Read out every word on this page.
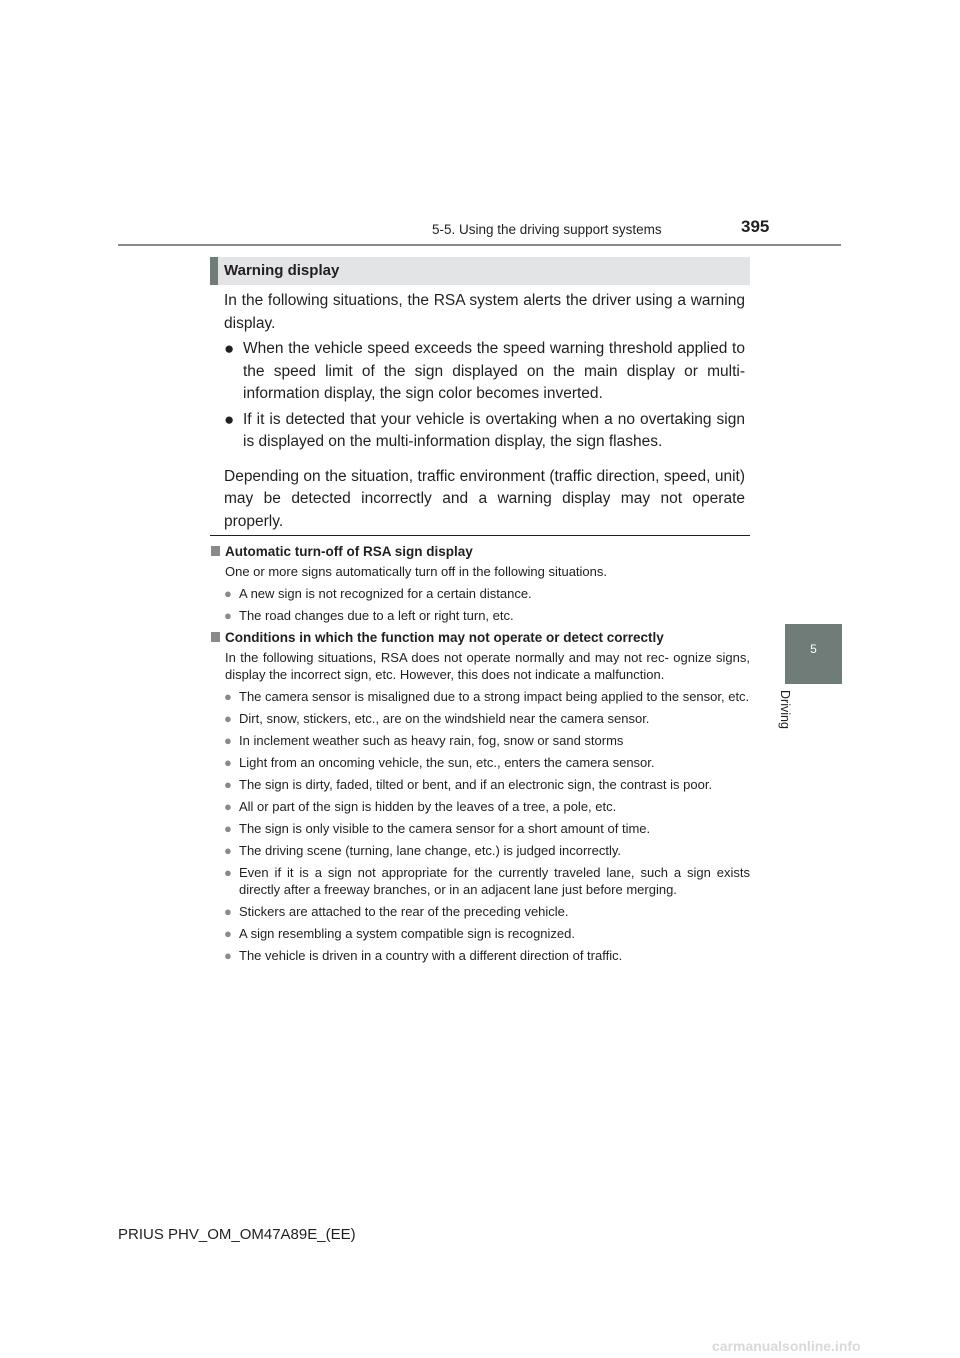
5-5. Using the driving support systems	395
5
Driving
Warning display

In the following situations, the RSA system alerts the driver using a warning display.

● When the vehicle speed exceeds the speed warning threshold applied to the speed limit of the sign displayed on the main display or multi-information display, the sign color becomes inverted.
● If it is detected that your vehicle is overtaking when a no overtaking sign is displayed on the multi-information display, the sign flashes.

Depending on the situation, traffic environment (traffic direction, speed, unit) may be detected incorrectly and a warning display may not operate properly.

Automatic turn-off of RSA sign display
One or more signs automatically turn off in the following situations.
● A new sign is not recognized for a certain distance.
● The road changes due to a left or right turn, etc.
Conditions in which the function may not operate or detect correctly
In the following situations, RSA does not operate normally and may not rec- ognize signs, display the incorrect sign, etc. However, this does not indicate a malfunction.
● The camera sensor is misaligned due to a strong impact being applied to the sensor, etc.
● Dirt, snow, stickers, etc., are on the windshield near the camera sensor.
● In inclement weather such as heavy rain, fog, snow or sand storms
● Light from an oncoming vehicle, the sun, etc., enters the camera sensor.
● The sign is dirty, faded, tilted or bent, and if an electronic sign, the contrast is poor.
● All or part of the sign is hidden by the leaves of a tree, a pole, etc.
● The sign is only visible to the camera sensor for a short amount of time.
● The driving scene (turning, lane change, etc.) is judged incorrectly.
● Even if it is a sign not appropriate for the currently traveled lane, such a sign exists directly after a freeway branches, or in an adjacent lane just before merging.
● Stickers are attached to the rear of the preceding vehicle.
● A sign resembling a system compatible sign is recognized.
● The vehicle is driven in a country with a different direction of traffic.
PRIUS PHV_OM_OM47A89E_(EE)
carmanualsonline.info
